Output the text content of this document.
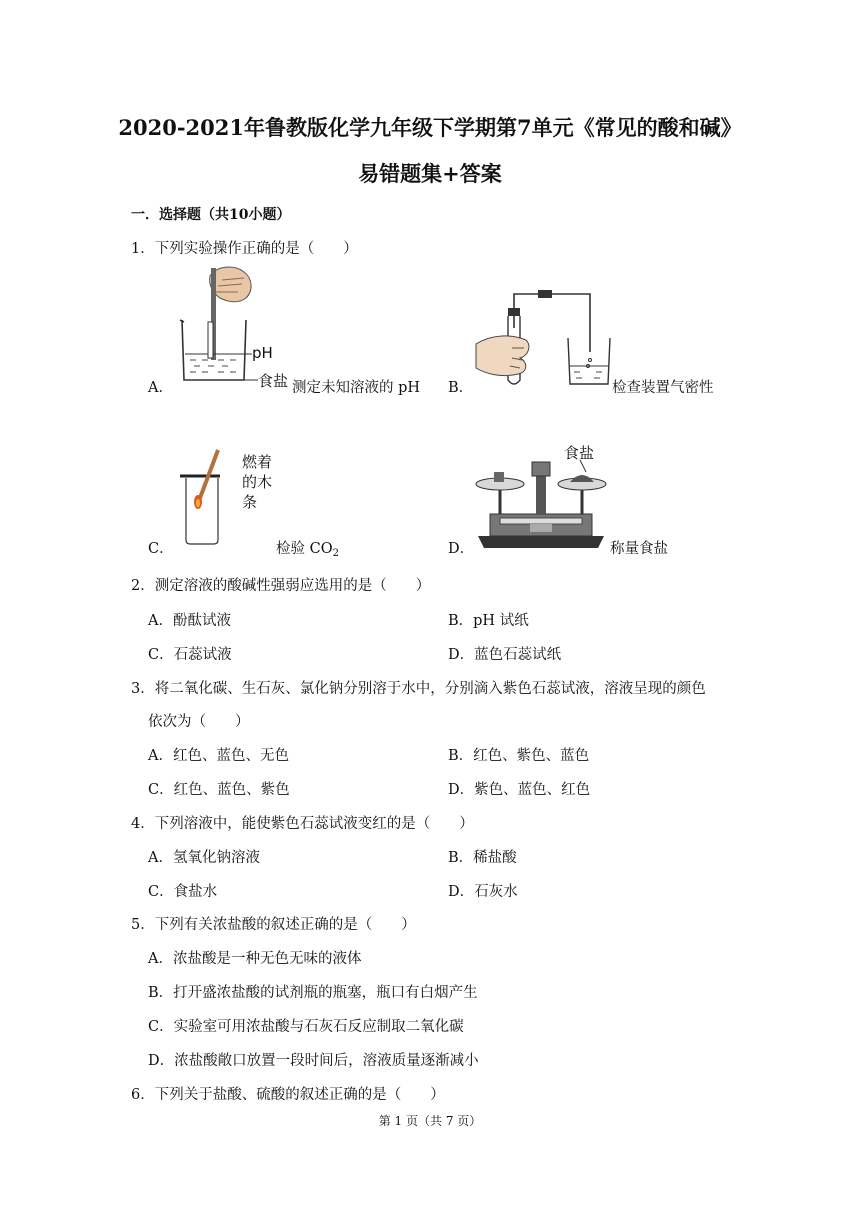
2020-2021年鲁教版化学九年级下学期第7单元《常见的酸和碱》
易错题集+答案
一．选择题（共10小题）
1．下列实验操作正确的是（　　）
pH
食盐
A．	测定未知溶液的 pH B．	检查装置气密性
燃着
的木
条
C．	检验 $CO_2$
食盐
D．	称量食盐
2．测定溶液的酸碱性强弱应选用的是（　　）
A．酚酞试液	B．pH 试纸
C．石蕊试液	D．蓝色石蕊试纸
3．将二氧化碳、生石灰、氯化钠分别溶于水中，分别滴入紫色石蕊试液，溶液呈现的颜色
依次为（　　）
A．红色、蓝色、无色	B．红色、紫色、蓝色
C．红色、蓝色、紫色	D．紫色、蓝色、红色
4．下列溶液中，能使紫色石蕊试液变红的是（　　）
A．氢氧化钠溶液	B．稀盐酸
C．食盐水	D．石灰水
5．下列有关浓盐酸的叙述正确的是（　　）
A．浓盐酸是一种无色无味的液体
B．打开盛浓盐酸的试剂瓶的瓶塞，瓶口有白烟产生
C．实验室可用浓盐酸与石灰石反应制取二氧化碳
D．浓盐酸敞口放置一段时间后，溶液质量逐渐减小
6．下列关于盐酸、硫酸的叙述正确的是（　　）
第 1 页（共 7 页）
